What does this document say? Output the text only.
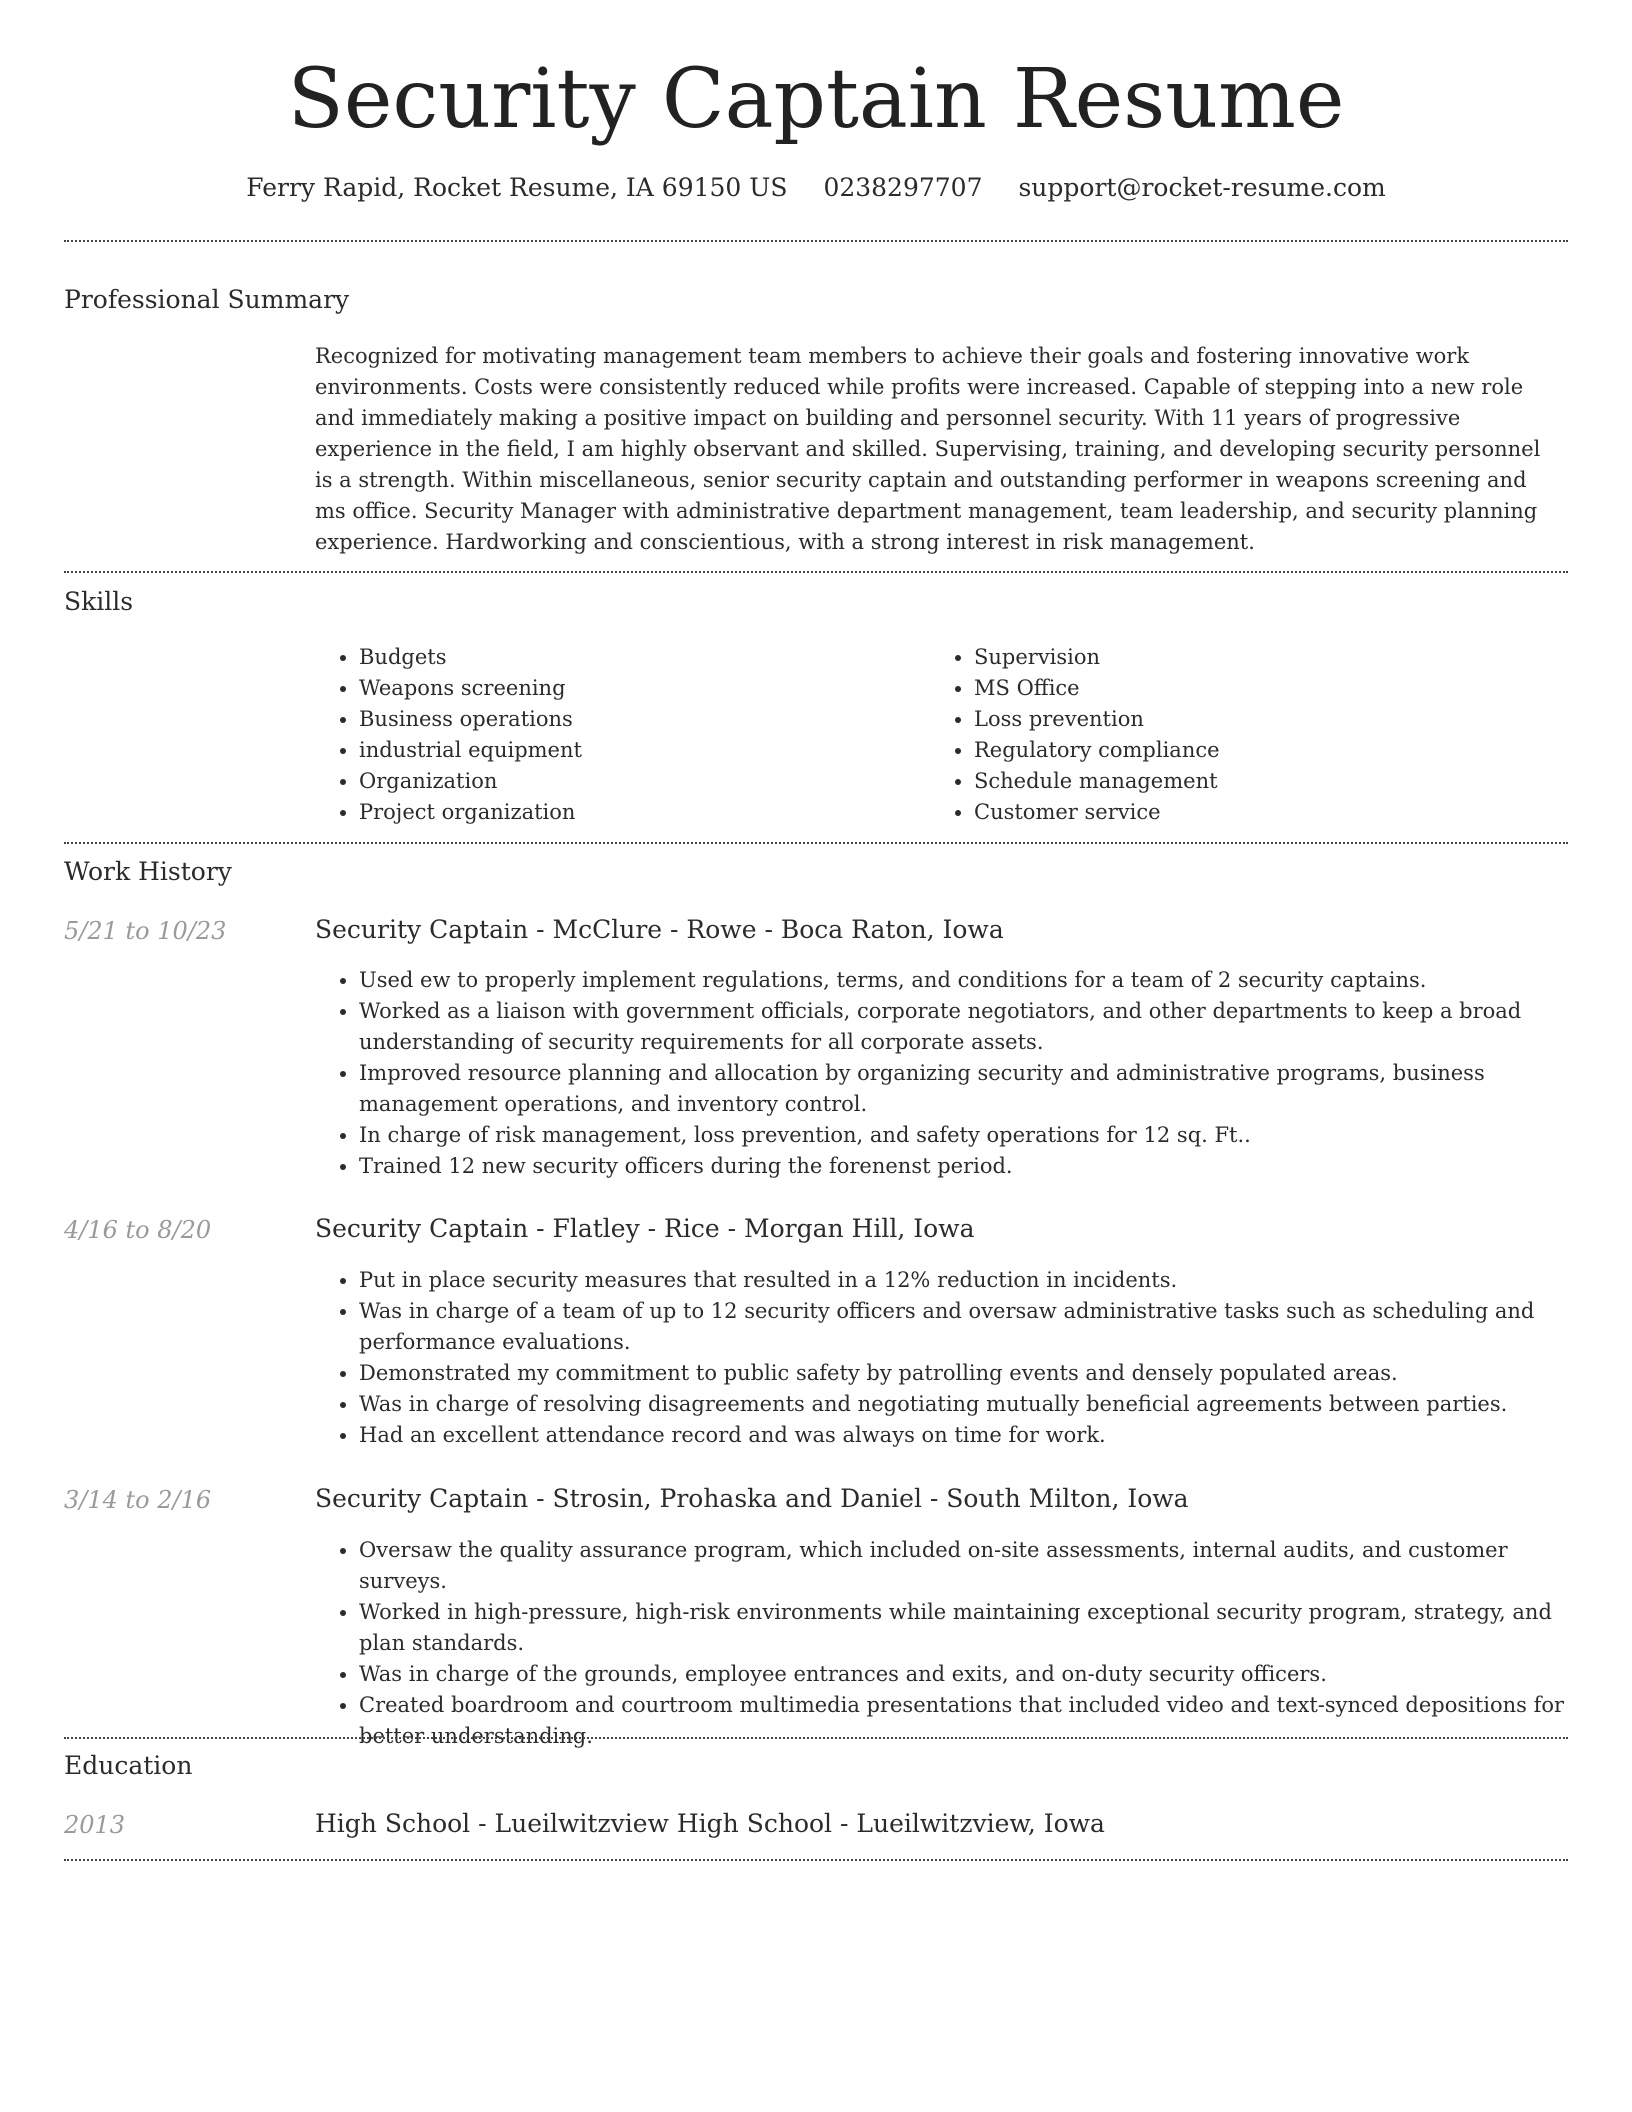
Security Captain Resume
Ferry Rapid, Rocket Resume, IA 69150 US 0238297707 support@rocket-resume.com
Professional Summary
Recognized for motivating management team members to achieve their goals and fostering innovative work environments. Costs were consistently reduced while profits were increased. Capable of stepping into a new role and immediately making a positive impact on building and personnel security. With 11 years of progressive experience in the field, I am highly observant and skilled. Supervising, training, and developing security personnel is a strength. Within miscellaneous, senior security captain and outstanding performer in weapons screening and ms office. Security Manager with administrative department management, team leadership, and security planning experience. Hardworking and conscientious, with a strong interest in risk management.
Skills
• Budgets
• Weapons screening
• Business operations
• industrial equipment
• Organization
• Project organization
• Supervision
• MS Office
• Loss prevention
• Regulatory compliance
• Schedule management
• Customer service
Work History
5/21 to 10/23	Security Captain - McClure - Rowe - Boca Raton, Iowa
• Used ew to properly implement regulations, terms, and conditions for a team of 2 security captains.
• Worked as a liaison with government officials, corporate negotiators, and other departments to keep a broad understanding of security requirements for all corporate assets.
• Improved resource planning and allocation by organizing security and administrative programs, business management operations, and inventory control.
• In charge of risk management, loss prevention, and safety operations for 12 sq. Ft..
• Trained 12 new security officers during the forenenst period.
4/16 to 8/20	Security Captain - Flatley - Rice - Morgan Hill, Iowa
• Put in place security measures that resulted in a 12% reduction in incidents.
• Was in charge of a team of up to 12 security officers and oversaw administrative tasks such as scheduling and performance evaluations.
• Demonstrated my commitment to public safety by patrolling events and densely populated areas.
• Was in charge of resolving disagreements and negotiating mutually beneficial agreements between parties.
• Had an excellent attendance record and was always on time for work.
3/14 to 2/16	Security Captain - Strosin, Prohaska and Daniel - South Milton, Iowa
• Oversaw the quality assurance program, which included on-site assessments, internal audits, and customer surveys.
• Worked in high-pressure, high-risk environments while maintaining exceptional security program, strategy, and plan standards.
• Was in charge of the grounds, employee entrances and exits, and on-duty security officers.
• Created boardroom and courtroom multimedia presentations that included video and text-synced depositions for better understanding.
Education
2013	High School - Lueilwitzview High School - Lueilwitzview, Iowa
